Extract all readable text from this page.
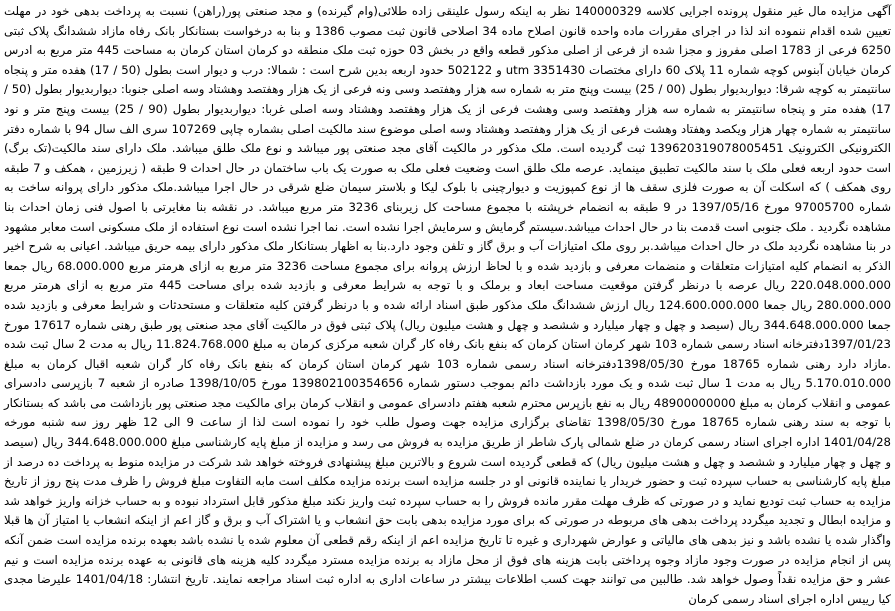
آگهی مزایده مال غیر منقول پرونده اجرایی کلاسه 140000329 نظر به اینکه رسول علینقی زاده طلائی(وام گیرنده) و مجد صنعتی پور(راهن) نسبت به پرداخت بدهی خود در مهلت تعیین شده اقدام ننموده اند لذا در اجرای مقررات ماده واحده قانون اصلاح ماده 34 اصلاحی قانون ثبت مصوب 1386 و بنا به درخواست بستانکار بانک رفاه مازاد ششدانگ پلاک ثبتی 6250 فرعی از 1783 اصلی مفروز و مجزا شده از فرعی از اصلی مذکور قطعه واقع در بخش 03 حوزه ثبت ملک منطقه دو کرمان استان کرمان به مساحت 445 متر مربع به ادرس کرمان خیابان آبنوس کوچه شماره 11 پلاک 60 دارای مختصات utm 3351430 و 502122 حدود اربعه بدین شرح است : شمالا: درب و دیوار است بطول (50 / 17) هفده متر و پنجاه سانتیمتر به کوچه شرقا: دیواربدیوار بطول (00 / 25) بیست وپنج متر به شماره سه هزار وهفتصد وسی ونه فرعی از یک هزار وهفتصد وهشتاد وسه اصلی جنوبا: دیواربدیوار بطول (50 / 17) هفده متر و پنجاه سانتیمتر به شماره سه هزار وهفتصد وسی وهشت فرعی از یک هزار وهفتصد وهشتاد وسه اصلی غربا: دیواربدیوار بطول (90 / 25) بیست وپنج متر و نود سانتیمتر به شماره چهار هزار ویکصد وهفتاد وهشت فرعی از یک هزار وهفتصد وهشتاد وسه اصلی موضوع سند مالکیت اصلی بشماره چاپی 107269 سری الف سال 94 با شماره دفتر الکترونیکی الکترونیک 139620319078005451 ثبت گردیده است. ملک مذکور در مالکیت آقای مجد صنعتی پور میباشد و نوع ملک طلق میباشد. ملک دارای سند مالکیت(تک برگ) است حدود اربعه فعلی ملک با سند مالکیت تطبیق مینماید. عرصه ملک طلق است وضعیت فعلی ملک به صورت یک باب ساختمان در حال احداث 9 طبقه ( زیرزمین ، همکف و 7 طبقه روی همکف ) که اسکلت آن به صورت فلزی سقف ها از نوع کمپوزیت و دیوارچینی با بلوک لیکا و بلاستر سیمان ضلع شرقی در حال اجرا میباشد.ملک مذکور دارای پروانه ساخت به شماره 97005700 مورخ 1397/05/16 در 9 طبقه به انضمام خرپشته با مجموع مساحت کل زیربنای 3236 متر مربع میباشد. در نقشه بنا مغایرتی با اصول فنی زمان احداث بنا مشاهده نگردید . ملک جنوبی است قدمت بنا در حال احداث میباشد.سیستم گرمایش و سرمایش اجرا نشده است. نما اجرا نشده است نوع استفاده از ملک مسکونی است معابر مشهود در بنا مشاهده نگردید ملک در حال احداث میباشد.بر روی ملک امتیازات آب و برق گاز و تلفن وجود دارد.بنا به اظهار بستانکار ملک مذکور دارای بیمه حریق میباشد. اعیانی به شرح اخیر الذکر به انضمام کلیه امتیازات متعلقات و منضمات معرفی و بازدید شده و با لحاظ ارزش پروانه برای مجموع مساحت 3236 متر مربع به ازای هرمتر مربع 68.000.000 ریال جمعا 220.048.000.000 ریال عرصه با درنظر گرفتن موقعیت مساحت ابعاد و برملک و با توجه به شرایط معرفی و بازدید شده برای مساحت 445 متر مربع به ازای هرمتر مربع 280.000.000 ریال جمعا 124.600.000.000 ریال ارزش ششدانگ ملک مذکور طبق اسناد ارائه شده و با درنظر گرفتن کلیه متعلقات و مستحدثات و شرایط معرفی و بازدید شده جمعا 344.648.000.000 ریال (سیصد و چهل و چهار میلیارد و ششصد و چهل و هشت میلیون ریال) پلاک ثبتی فوق در مالکیت آقای مجد صنعتی پور طبق رهنی شماره 17617 مورخ 1397/01/23دفترخانه اسناد رسمی شماره 103 شهر کرمان استان کرمان که بنفع بانک رفاه کار گران شعبه مرکزی کرمان به مبلغ 11.824.768.000 ریال به مدت 2 سال ثبت شده .مازاد دارد رهنی شماره 18765 مورخ 1398/05/30دفترخانه اسناد رسمی شماره 103 شهر کرمان استان کرمان که بنفع بانک رفاه کار گران شعبه اقبال کرمان به مبلغ 5.170.010.000 ریال به مدت 1 سال ثبت شده و یک مورد بازداشت دائم بموجب دستور شماره 139802100354656 مورخ 1398/10/05 صادره از شعبه 7 بازپرسی دادسرای عمومی و انقلاب کرمان به مبلغ 48900000000 ریال به نفع بازپرس محترم شعبه هفتم دادسرای عمومی و انقلاب کرمان برای مالکیت مجد صنعتی پور بازداشت می باشد که بستانکار با توجه به سند رهنی شماره 18765 مورخ 1398/05/30 تقاضای برگزاری مزایده جهت وصول طلب خود را نموده است لذا از ساعت 9 الی 12 ظهر روز سه شنبه مورخه 1401/04/28 اداره اجرای اسناد رسمی کرمان در ضلع شمالی پارک شاطر از طریق مزایده به فروش می رسد و مزایده از مبلغ پایه کارشناسی مبلغ 344.648.000.000 ریال (سیصد و چهل و چهار میلیارد و ششصد و چهل و هشت میلیون ریال) که قطعی گردیده است شروع و بالاترین مبلغ پیشنهادی فروخته خواهد شد شرکت در مزایده منوط به پرداخت ده درصد از مبلغ پایه کارشناسی به حساب سپرده ثبت و حضور خریدار یا نماینده قانونی او در جلسه مزایده است برنده مزایده مکلف است مابه التفاوت مبلغ فروش را ظرف مدت پنج روز از تاریخ مزایده به حساب ثبت تودیع نماید و در صورتی که ظرف مهلت مقرر مانده فروش را به حساب سپرده ثبت واریز نکند مبلغ مذکور قابل استرداد نبوده و به حساب خزانه واریز خواهد شد و مزایده ابطال و تجدید میگردد پرداخت بدهی های مربوطه در صورتی که برای مورد مزایده بدهی بابت حق انشعاب و یا اشتراک آب و برق و گاز اعم از اینکه انشعاب یا امتیاز آن ها قبلا واگذار شده یا نشده باشد و نیز بدهی های مالیاتی و عوارض شهرداری و غیره تا تاریخ مزایده اعم از اینکه رقم قطعی آن معلوم شده یا نشده باشد بعهده برنده مزایده است ضمن آنکه پس از انجام مزایده در صورت وجود مازاد وجوه پرداختی بابت هزینه های فوق از محل مازاد به برنده مزایده مسترد میگردد کلیه هزینه های قانونی به عهده برنده مزایده است و نیم عشر و حق مزایده نقداً وصول خواهد شد. طالبین می توانند جهت کسب اطلاعات بیشتر در ساعات اداری به اداره ثبت اسناد مراجعه نمایند. تاریخ انتشار: 1401/04/18 علیرضا مجدی کیا رییس اداره اجرای اسناد رسمی کرمان
